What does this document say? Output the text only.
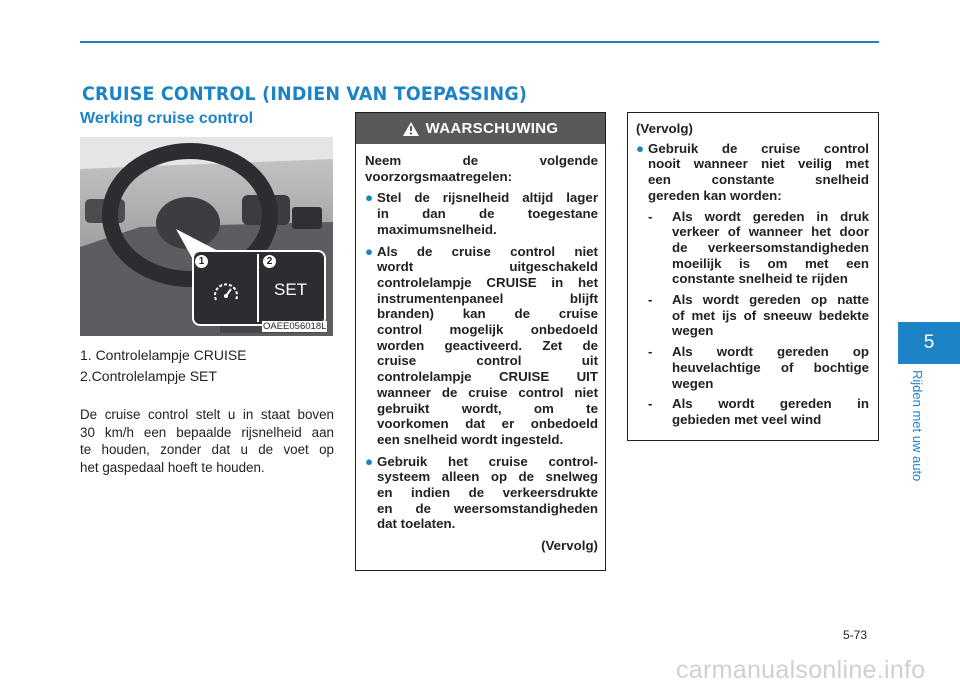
CRUISE CONTROL (INDIEN VAN TOEPASSING)
Werking cruise control
1	2
SET
OAEE056018L
1. Controlelampje CRUISE
2.Controlelampje SET
De cruise control stelt u in staat boven
30 km/h een bepaalde rijsnelheid aan
te houden, zonder dat u de voet op
het gaspedaal hoeft te houden.
WAARSCHUWING
Neem de volgende
voorzorgsmaatregelen:
● Stel de rijsnelheid altijd lager
in dan de toegestane
maximumsnelheid.

● Als de cruise control niet
wordt uitgeschakeld
controlelampje CRUISE in het
instrumentenpaneel blijft
branden) kan de cruise
control mogelijk onbedoeld
worden geactiveerd. Zet de
cruise control uit
controlelampje CRUISE UIT
wanneer de cruise control niet
gebruikt wordt, om te
voorkomen dat er onbedoeld
een snelheid wordt ingesteld.

● Gebruik het cruise control-
systeem alleen op de snelweg
en indien de verkeersdrukte
en de weersomstandigheden
dat toelaten.

(Vervolg)
(Vervolg)
● Gebruik de cruise control
nooit wanneer niet veilig met
een constante snelheid
gereden kan worden:

- Als wordt gereden in druk
verkeer of wanneer het door
de verkeersomstandigheden
moeilijk is om met een
constante snelheid te rijden
- Als wordt gereden op natte
of met ijs of sneeuw bedekte
wegen
- Als wordt gereden op
heuvelachtige of bochtige
wegen
- Als wordt gereden in
gebieden met veel wind
5
Rijden met uw auto
5-73
carmanualsonline.info
